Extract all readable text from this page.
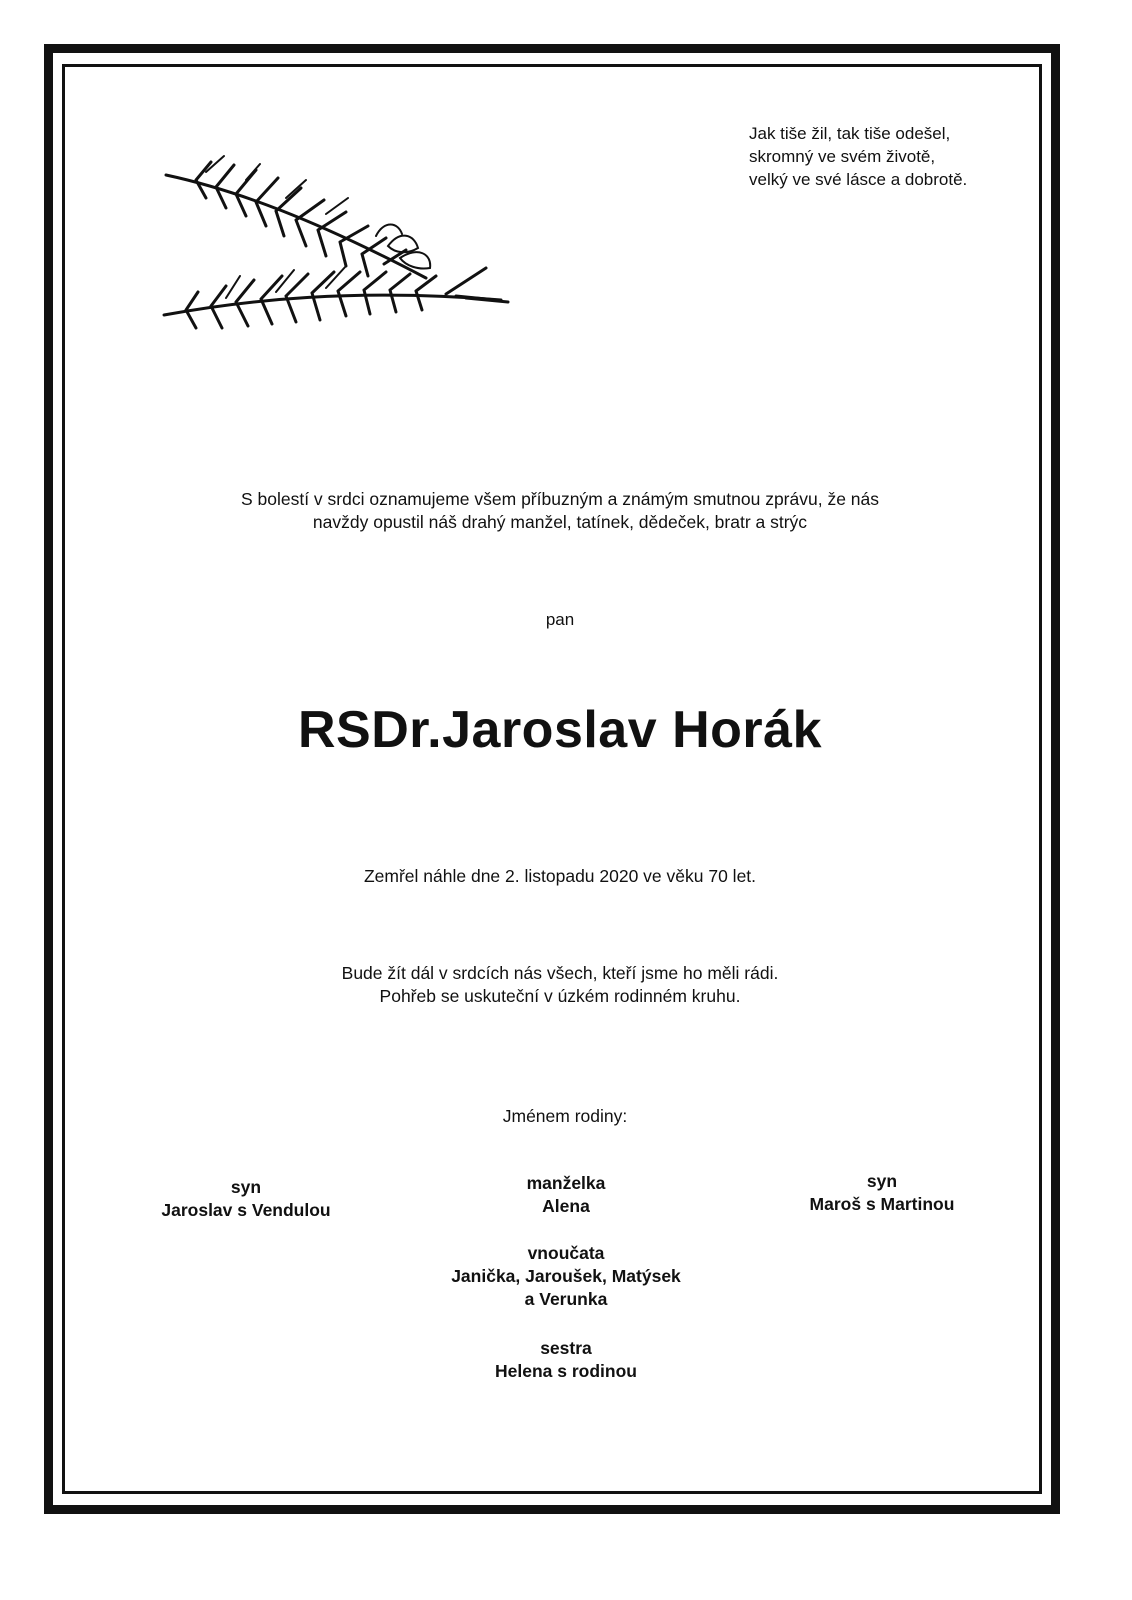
Jak tiše žil, tak tiše odešel,

skromný ve svém životě,

velký ve své lásce a dobrotě.

S bolestí v srdci oznamujeme všem příbuzným a známým smutnou zprávu, že nás

navždy opustil náš drahý manžel, tatínek, dědeček, bratr a strýc

pan

RSDr.Jaroslav Horák

Zemřel náhle dne 2. listopadu 2020 ve věku 70 let.

Bude žít dál v srdcích nás všech, kteří jsme ho měli rádi.

Pohřeb se uskuteční v úzkém rodinném kruhu.

Jménem rodiny:

syn

Jaroslav s Vendulou

manželka

Alena

syn

Maroš s Martinou

vnoučata

Janička, Jaroušek, Matýsek

a Verunka

sestra

Helena s rodinou
